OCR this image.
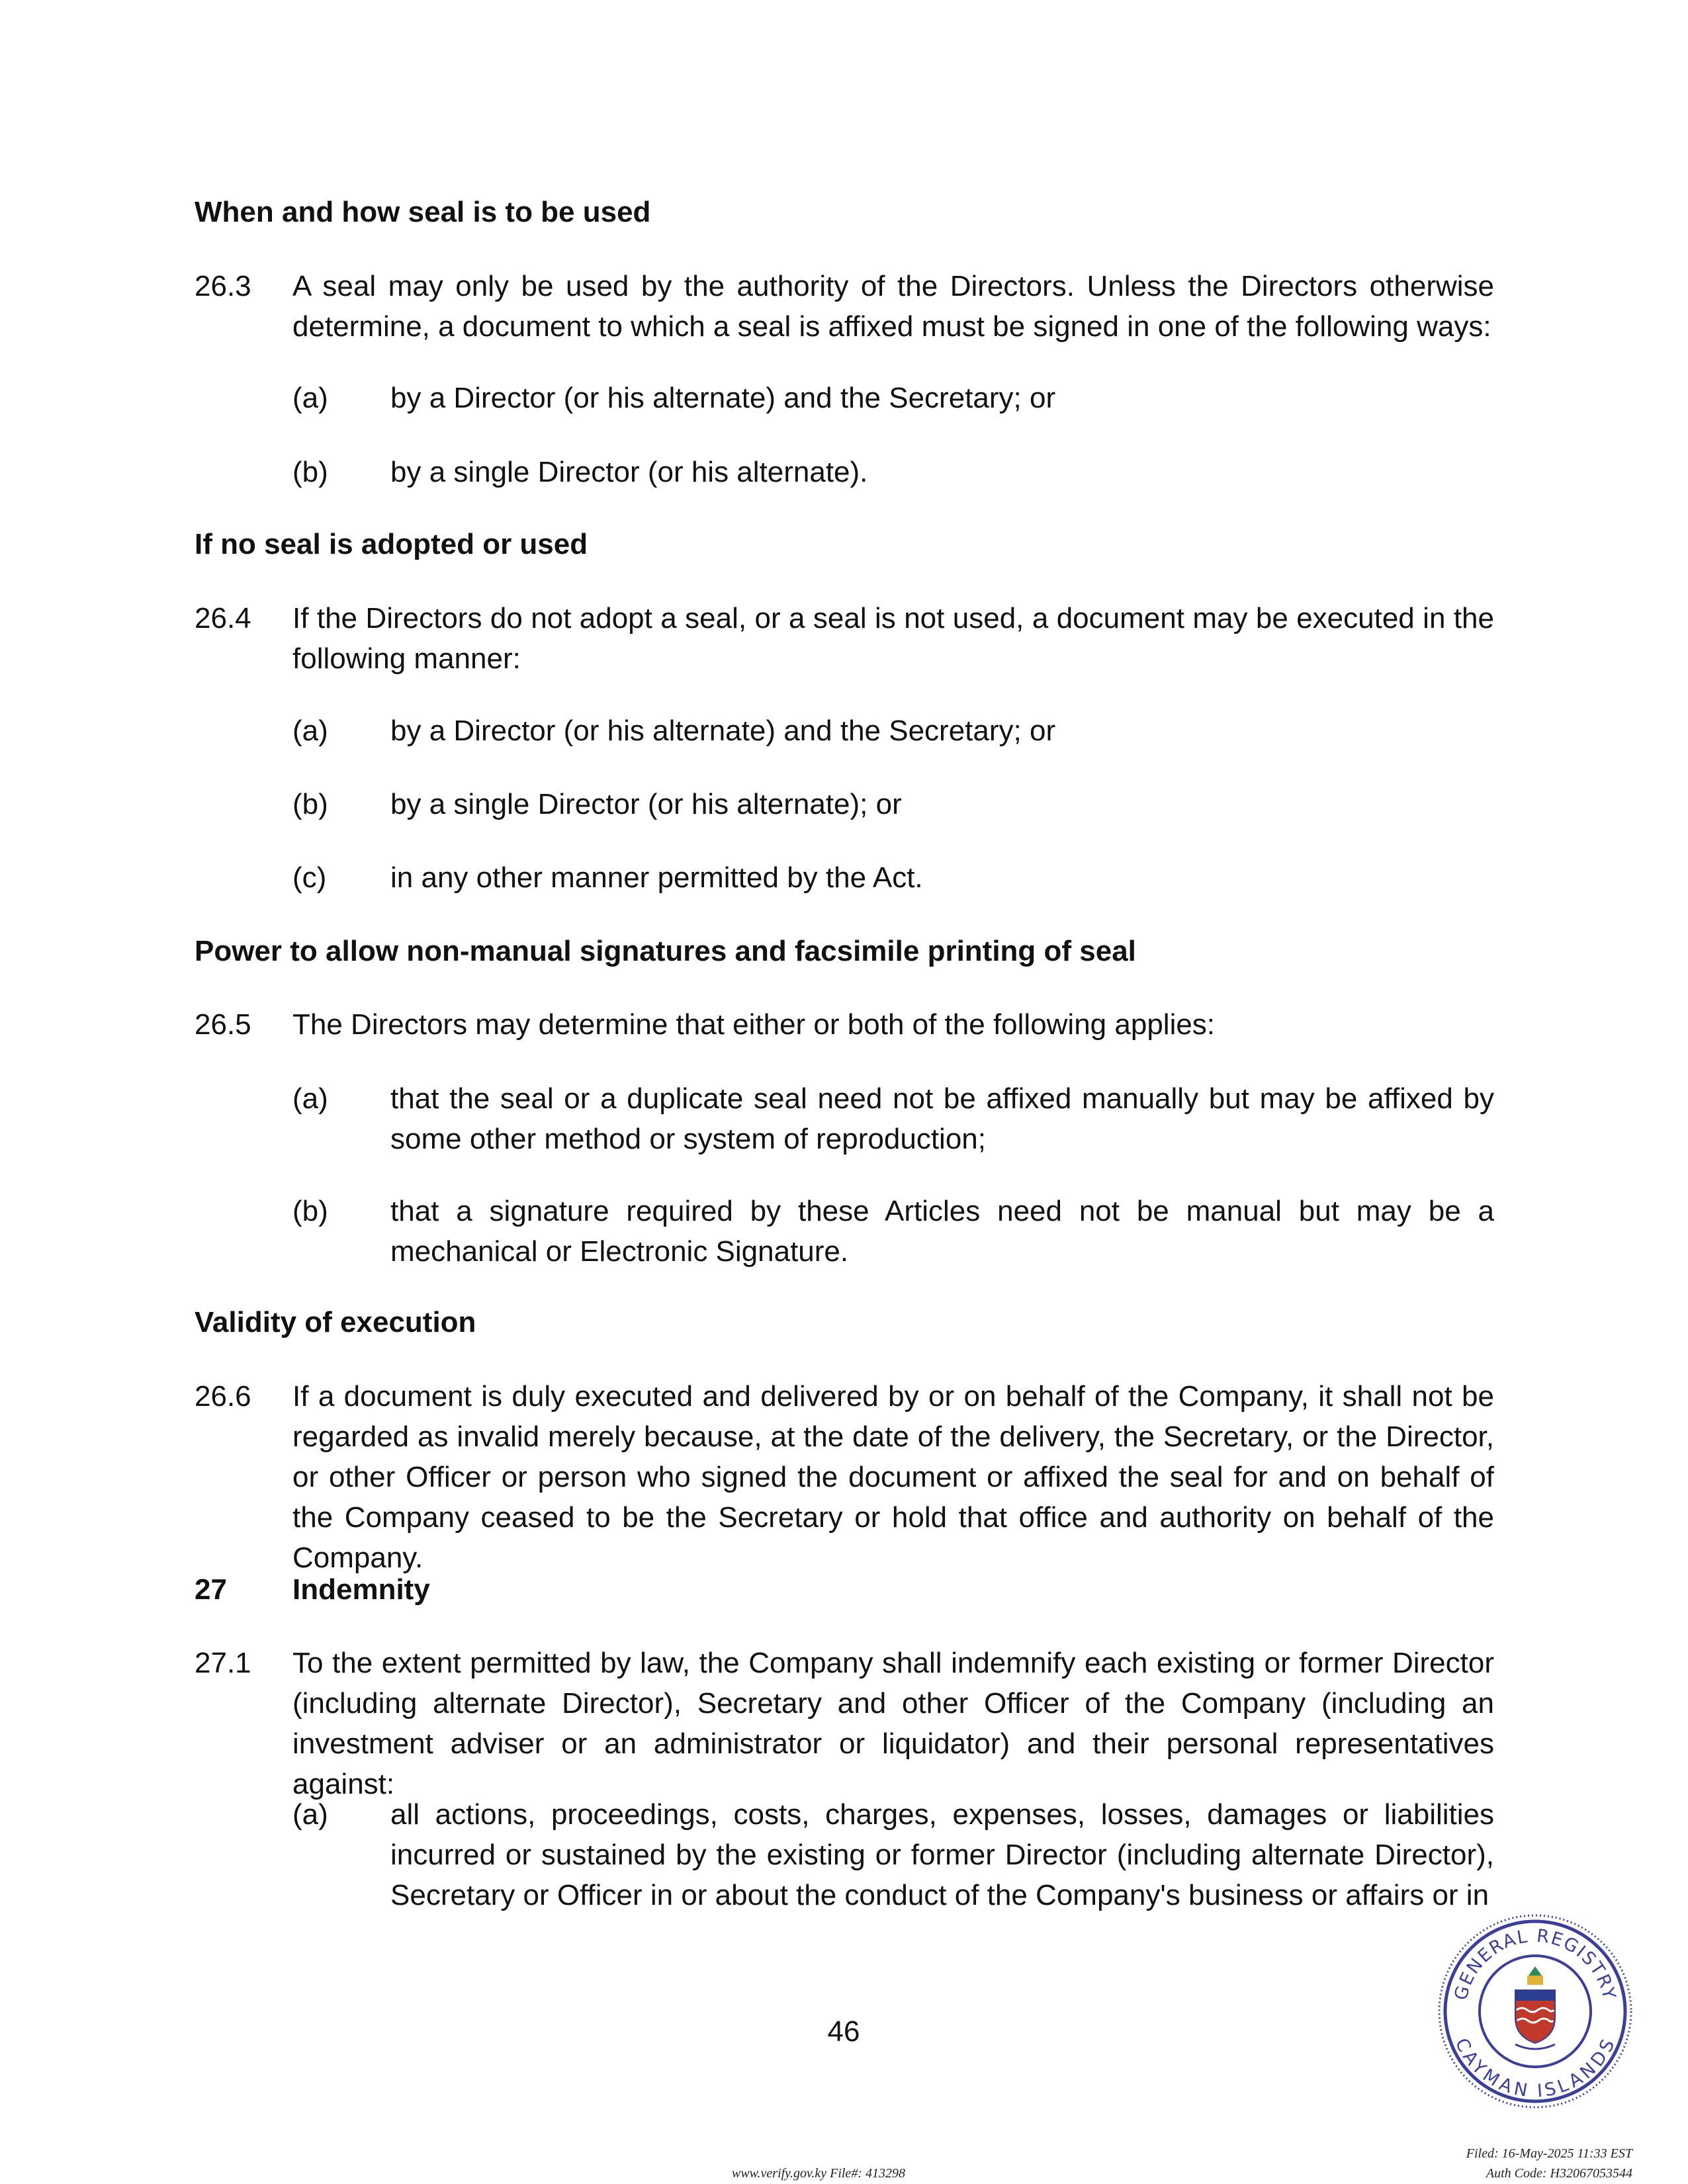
When and how seal is to be used
26.3 A seal may only be used by the authority of the Directors. Unless the Directors otherwise determine, a document to which a seal is affixed must be signed in one of the following ways:
(a) by a Director (or his alternate) and the Secretary; or
(b) by a single Director (or his alternate).
If no seal is adopted or used
26.4 If the Directors do not adopt a seal, or a seal is not used, a document may be executed in the following manner:
(a) by a Director (or his alternate) and the Secretary; or
(b) by a single Director (or his alternate); or
(c) in any other manner permitted by the Act.
Power to allow non-manual signatures and facsimile printing of seal
26.5 The Directors may determine that either or both of the following applies:
(a) that the seal or a duplicate seal need not be affixed manually but may be affixed by some other method or system of reproduction;
(b) that a signature required by these Articles need not be manual but may be a mechanical or Electronic Signature.
Validity of execution
26.6 If a document is duly executed and delivered by or on behalf of the Company, it shall not be regarded as invalid merely because, at the date of the delivery, the Secretary, or the Director, or other Officer or person who signed the document or affixed the seal for and on behalf of the Company ceased to be the Secretary or hold that office and authority on behalf of the Company.
27 Indemnity
27.1 To the extent permitted by law, the Company shall indemnify each existing or former Director (including alternate Director), Secretary and other Officer of the Company (including an investment adviser or an administrator or liquidator) and their personal representatives against:
(a) all actions, proceedings, costs, charges, expenses, losses, damages or liabilities incurred or sustained by the existing or former Director (including alternate Director), Secretary or Officer in or about the conduct of the Company's business or affairs or in
46
GENERAL REGISTRY
CAYMAN ISLANDS
www.verify.gov.ky File#: 413298
Filed: 16-May-2025 11:33 EST
Auth Code: H32067053544
